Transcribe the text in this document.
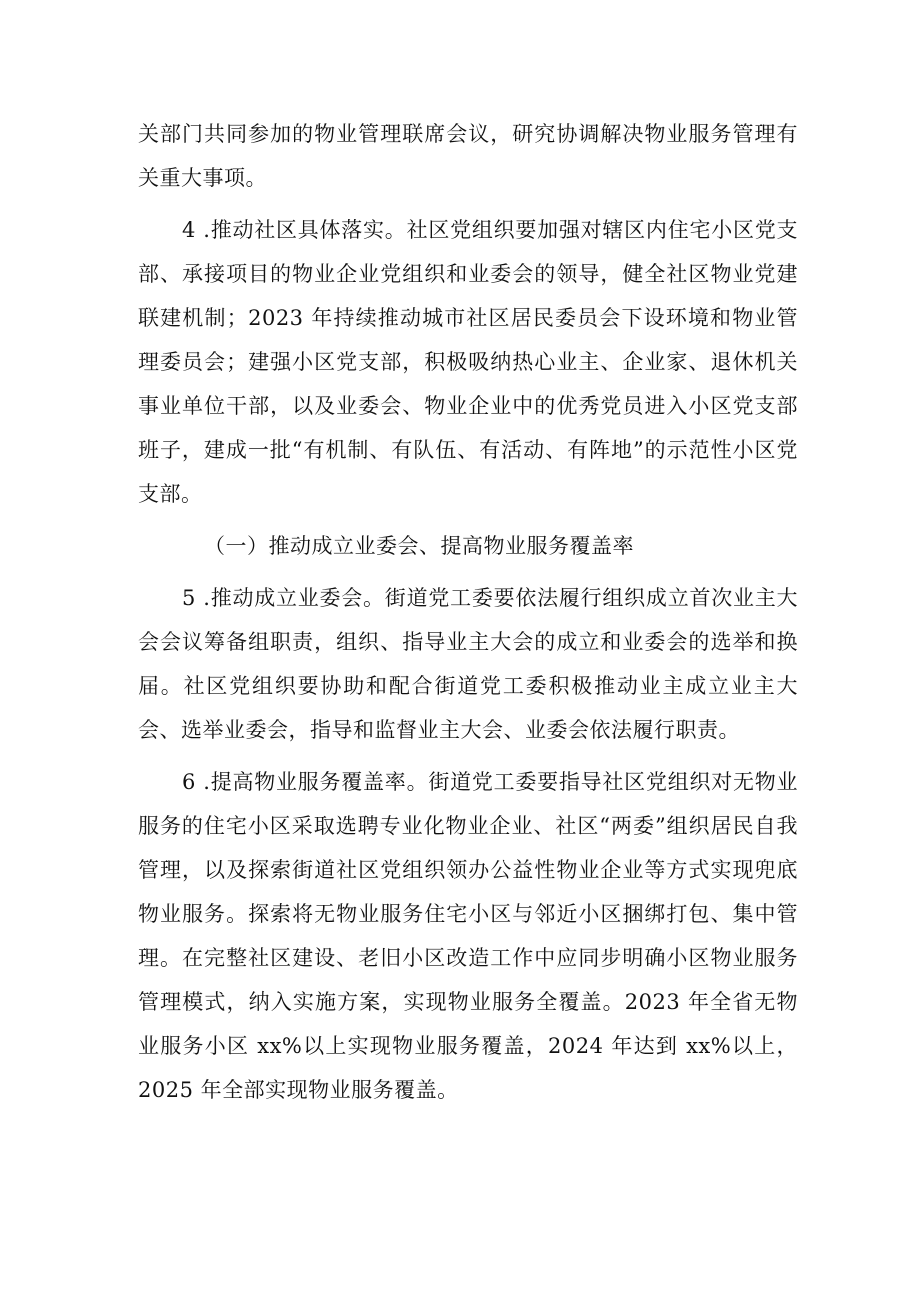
关部门共同参加的物业管理联席会议，研究协调解决物业服务管理有关重大事项。

4 .推动社区具体落实。社区党组织要加强对辖区内住宅小区党支部、承接项目的物业企业党组织和业委会的领导，健全社区物业党建联建机制；2023 年持续推动城市社区居民委员会下设环境和物业管理委员会；建强小区党支部，积极吸纳热心业主、企业家、退休机关事业单位干部，以及业委会、物业企业中的优秀党员进入小区党支部班子，建成一批“有机制、有队伍、有活动、有阵地”的示范性小区党支部。

（一）推动成立业委会、提高物业服务覆盖率

5 .推动成立业委会。街道党工委要依法履行组织成立首次业主大会会议筹备组职责，组织、指导业主大会的成立和业委会的选举和换届。社区党组织要协助和配合街道党工委积极推动业主成立业主大会、选举业委会，指导和监督业主大会、业委会依法履行职责。

6 .提高物业服务覆盖率。街道党工委要指导社区党组织对无物业服务的住宅小区采取选聘专业化物业企业、社区“两委”组织居民自我管理，以及探索街道社区党组织领办公益性物业企业等方式实现兜底物业服务。探索将无物业服务住宅小区与邻近小区捆绑打包、集中管理。在完整社区建设、老旧小区改造工作中应同步明确小区物业服务管理模式，纳入实施方案，实现物业服务全覆盖。2023 年全省无物业服务小区 xx%以上实现物业服务覆盖，2024 年达到 xx%以上，2025 年全部实现物业服务覆盖。
